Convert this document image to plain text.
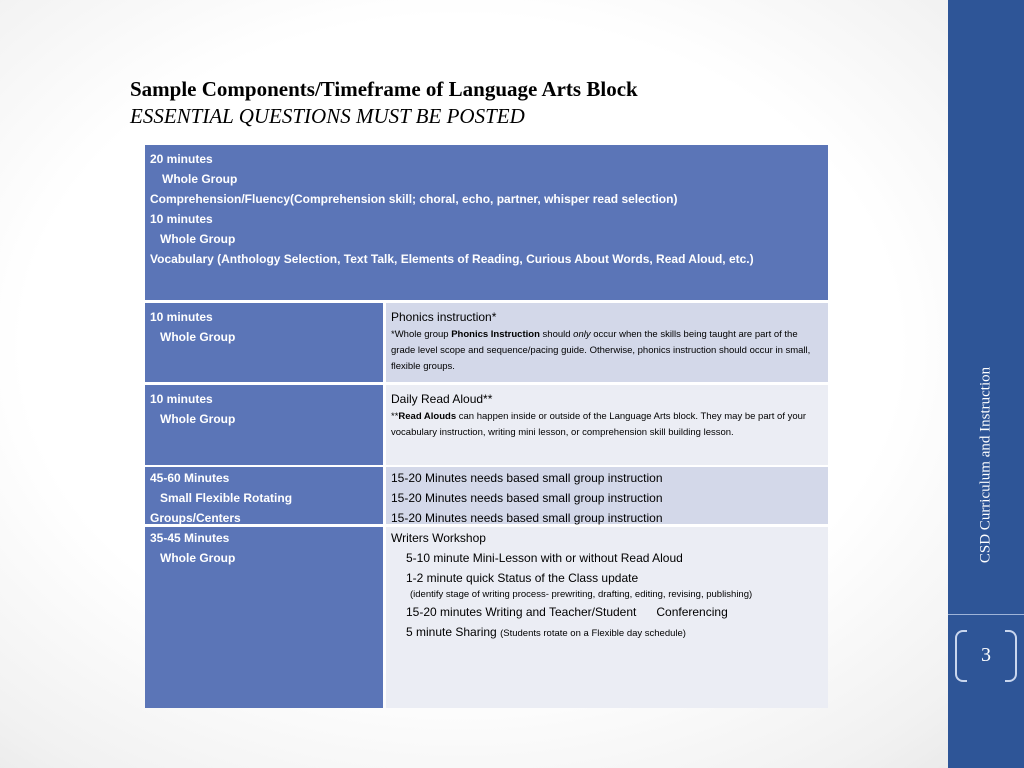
CSD Curriculum and Instruction
3
Sample Components/Timeframe of Language Arts Block
ESSENTIAL QUESTIONS MUST BE POSTED
20 minutes
Whole Group
Comprehension/Fluency(Comprehension skill; choral, echo, partner, whisper read selection)
10 minutes
Whole Group
Vocabulary (Anthology Selection, Text Talk, Elements of Reading, Curious About Words, Read Aloud, etc.)
10 minutes
Whole Group
Phonics instruction*
*Whole group Phonics Instruction should only occur when the skills being taught are part of the grade level scope and sequence/pacing guide. Otherwise, phonics instruction should occur in small, flexible groups.
10 minutes
Whole Group
Daily Read Aloud**
**Read Alouds can happen inside or outside of the Language Arts block. They may be part of your vocabulary instruction, writing mini lesson, or comprehension skill building lesson.
45-60 Minutes
Small Flexible Rotating
Groups/Centers
15-20 Minutes needs based small group instruction
15-20 Minutes needs based small group instruction
15-20 Minutes needs based small group instruction
35-45 Minutes
Whole Group
Writers Workshop
5-10 minute Mini-Lesson with or without Read Aloud
1-2 minute quick Status of the Class update
(identify stage of writing process- prewriting, drafting, editing, revising, publishing)
15-20 minutes Writing and Teacher/Student      Conferencing
5 minute Sharing (Students rotate on a Flexible day schedule)
